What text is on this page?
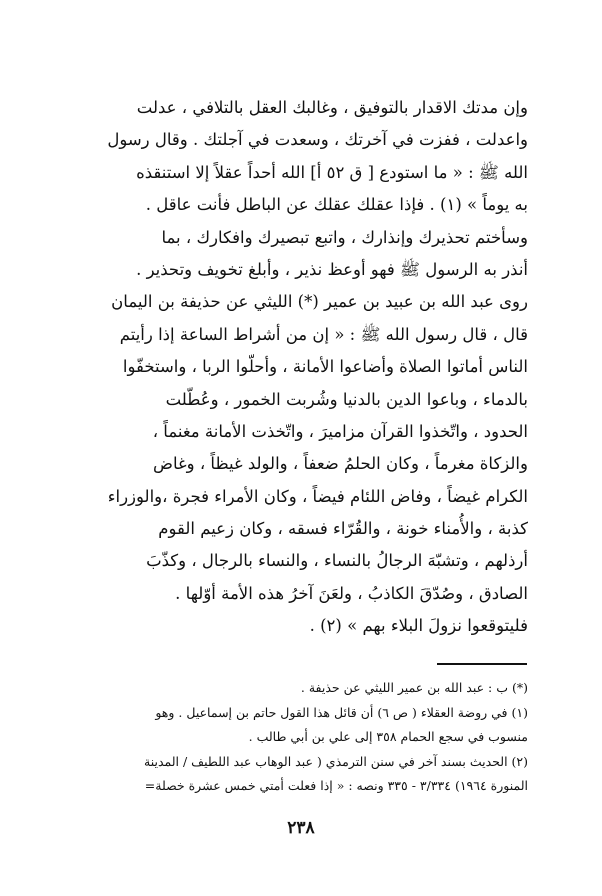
وإن مدتك الاقدار بالتوفيق ، وغالبك العقل بالتلافي ، عدلت
واعدلت ، ففزت في آخرتك ، وسعدت في آجلتك . وقال رسول
الله ﷺ : « ما استودع [ ق ٥٢ أ] الله أحداً عقلاً إلا استنقذه
به يوماً » (١) . فإذا عقلك عقلك عن الباطل فأنت عاقل .
وسأختم تحذيرك وإنذارك ، واتبع تبصيرك وافكارك ، بما
أنذر به الرسول ﷺ فهو أوعظ نذير ، وأبلغ تخويف وتحذير .
روى عبد الله بن عبيد بن عمير (*) الليثي عن حذيفة بن اليمان
قال ، قال رسول الله ﷺ : « إن من أشراط الساعة إذا رأيتم
الناس أماتوا الصلاة وأضاعوا الأمانة ، وأحلّوا الربا ، واستخفّوا
بالدماء ، وباعوا الدين بالدنيا وشُربت الخمور ، وعُطّلت
الحدود ، واتّخذوا القرآن مزاميرَ ، واتّخذت الأمانة مغنماً ،
والزكاة مغرماً ، وكان الحلمُ ضعفاً ، والولد غيظاً ، وغاض
الكرام غيضاً ، وفاض اللئام فيضاً ، وكان الأمراء فجرة ،والوزراء
كذبة ، والأُمناء خونة ، والقُرّاء فسقه ، وكان زعيم القوم
أرذلهم ، وتشبّهَ الرجالُ بالنساء ، والنساء بالرجال ، وكذّبَ
الصادق ، وصُدّقَ الكاذبُ ، ولعَنَ آخرُ هذه الأمة أوّلها .
فليتوقعوا نزولَ البلاء بهم » (٢) .
(*) ب : عبد الله بن عمير الليثي عن حذيفة .
(١) في روضة العقلاء ( ص ٦) أن قائل هذا القول حاتم بن إسماعيل . وهو
منسوب في سجع الحمام ٣٥٨ إلى علي بن أبي طالب .
(٢) الحديث بسند آخر في سنن الترمذي ( عبد الوهاب عبد اللطيف / المدينة
المنورة ١٩٦٤) ٣/٣٣٤ - ٣٣٥ ونصه : « إذا فعلت أمتي خمس عشرة خصلة=
٢٣٨
